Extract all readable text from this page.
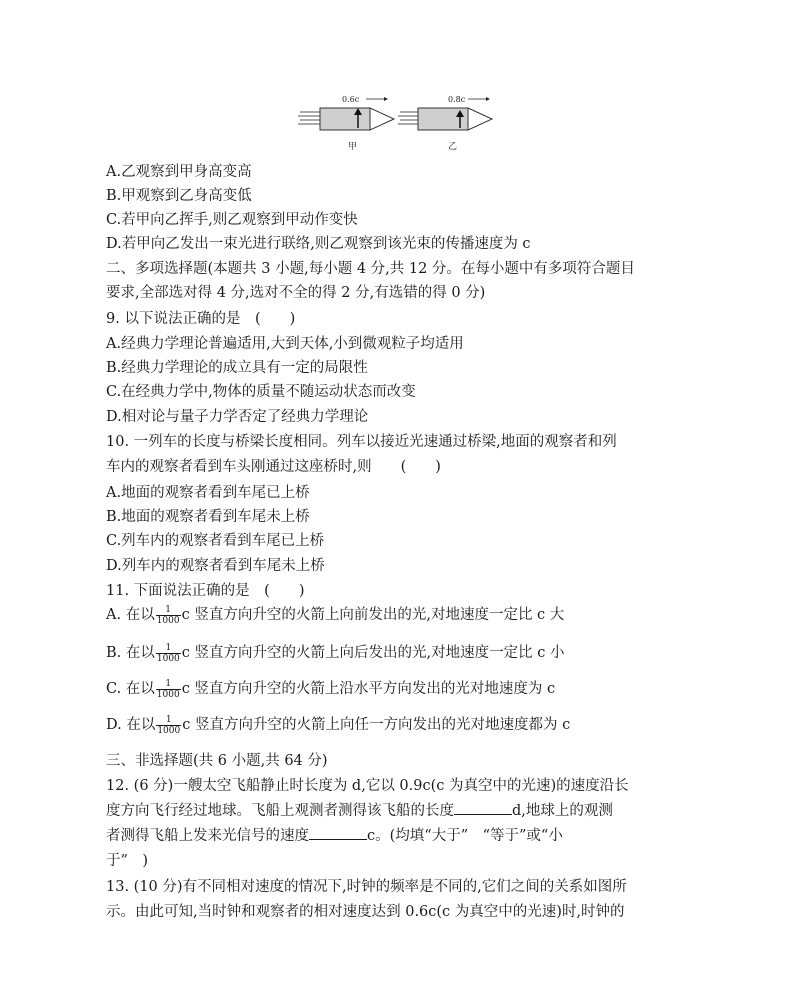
0.6c
甲
0.8c
乙
A.乙观察到甲身高变高
B.甲观察到乙身高变低
C.若甲向乙挥手,则乙观察到甲动作变快
D.若甲向乙发出一束光进行联络,则乙观察到该光束的传播速度为 c
二、多项选择题(本题共 3 小题,每小题 4 分,共 12 分。在每小题中有多项符合题目
要求,全部选对得 4 分,选对不全的得 2 分,有选错的得 0 分)
9. 以下说法正确的是　(　　)
A.经典力学理论普遍适用,大到天体,小到微观粒子均适用
B.经典力学理论的成立具有一定的局限性
C.在经典力学中,物体的质量不随运动状态而改变
D.相对论与量子力学否定了经典力学理论
10. 一列车的长度与桥梁长度相同。列车以接近光速通过桥梁,地面的观察者和列
车内的观察者看到车头刚通过这座桥时,则　　(　　)
A.地面的观察者看到车尾已上桥
B.地面的观察者看到车尾未上桥
C.列车内的观察者看到车尾已上桥
D.列车内的观察者看到车尾未上桥
11. 下面说法正确的是　(　　)
A. 在以 $\frac{1}{1000}$ c 竖直方向升空的火箭上向前发出的光,对地速度一定比 c 大
B. 在以 $\frac{1}{1000}$ c 竖直方向升空的火箭上向后发出的光,对地速度一定比 c 小
C. 在以 $\frac{1}{1000}$ c 竖直方向升空的火箭上沿水平方向发出的光对地速度为 c
D. 在以 $\frac{1}{1000}$ c 竖直方向升空的火箭上向任一方向发出的光对地速度都为 c
三、非选择题(共 6 小题,共 64 分)
12. (6 分)一艘太空飞船静止时长度为 d,它以 0.9c(c 为真空中的光速)的速度沿长
度方向飞行经过地球。飞船上观测者测得该飞船的长度	d,地球上的观测
者测得飞船上发来光信号的速度	c。(均填“大于”　“等于”或“小
于”　)
13. (10 分)有不同相对速度的情况下,时钟的频率是不同的,它们之间的关系如图所
示。由此可知,当时钟和观察者的相对速度达到 0.6c(c 为真空中的光速)时,时钟的
